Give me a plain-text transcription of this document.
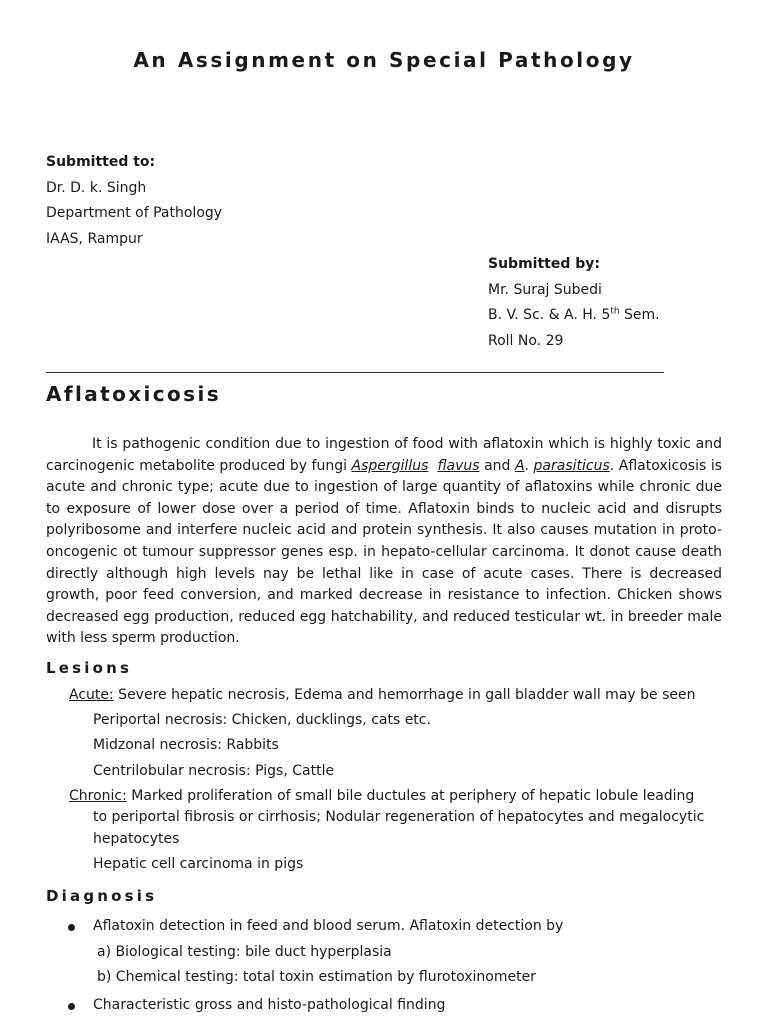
An Assignment on Special Pathology
Submitted to:
Dr. D. k. Singh
Department of Pathology
IAAS, Rampur
Submitted by:
Mr. Suraj Subedi
B. V. Sc. & A. H. 5th Sem.
Roll No. 29
Aflatoxicosis

It is pathogenic condition due to ingestion of food with aflatoxin which is highly toxic and carcinogenic metabolite produced by fungi Aspergillus flavus and A. parasiticus. Aflatoxicosis is acute and chronic type; acute due to ingestion of large quantity of aflatoxins while chronic due to exposure of lower dose over a period of time. Aflatoxin binds to nucleic acid and disrupts polyribosome and interfere nucleic acid and protein synthesis. It also causes mutation in proto-oncogenic ot tumour suppressor genes esp. in hepato-cellular carcinoma. It donot cause death directly although high levels nay be lethal like in case of acute cases. There is decreased growth, poor feed conversion, and marked decrease in resistance to infection. Chicken shows decreased egg production, reduced egg hatchability, and reduced testicular wt. in breeder male with less sperm production.

Lesions
Acute: Severe hepatic necrosis, Edema and hemorrhage in gall bladder wall may be seen
Periportal necrosis: Chicken, ducklings, cats etc.
Midzonal necrosis: Rabbits
Centrilobular necrosis: Pigs, Cattle
Chronic: Marked proliferation of small bile ductules at periphery of hepatic lobule leading
to periportal fibrosis or cirrhosis; Nodular regeneration of hepatocytes and megalocytic
hepatocytes
Hepatic cell carcinoma in pigs
Diagnosis
Aflatoxin detection in feed and blood serum. Aflatoxin detection by
a) Biological testing: bile duct hyperplasia
b) Chemical testing: total toxin estimation by flurotoxinometer
Characteristic gross and histo-pathological finding
